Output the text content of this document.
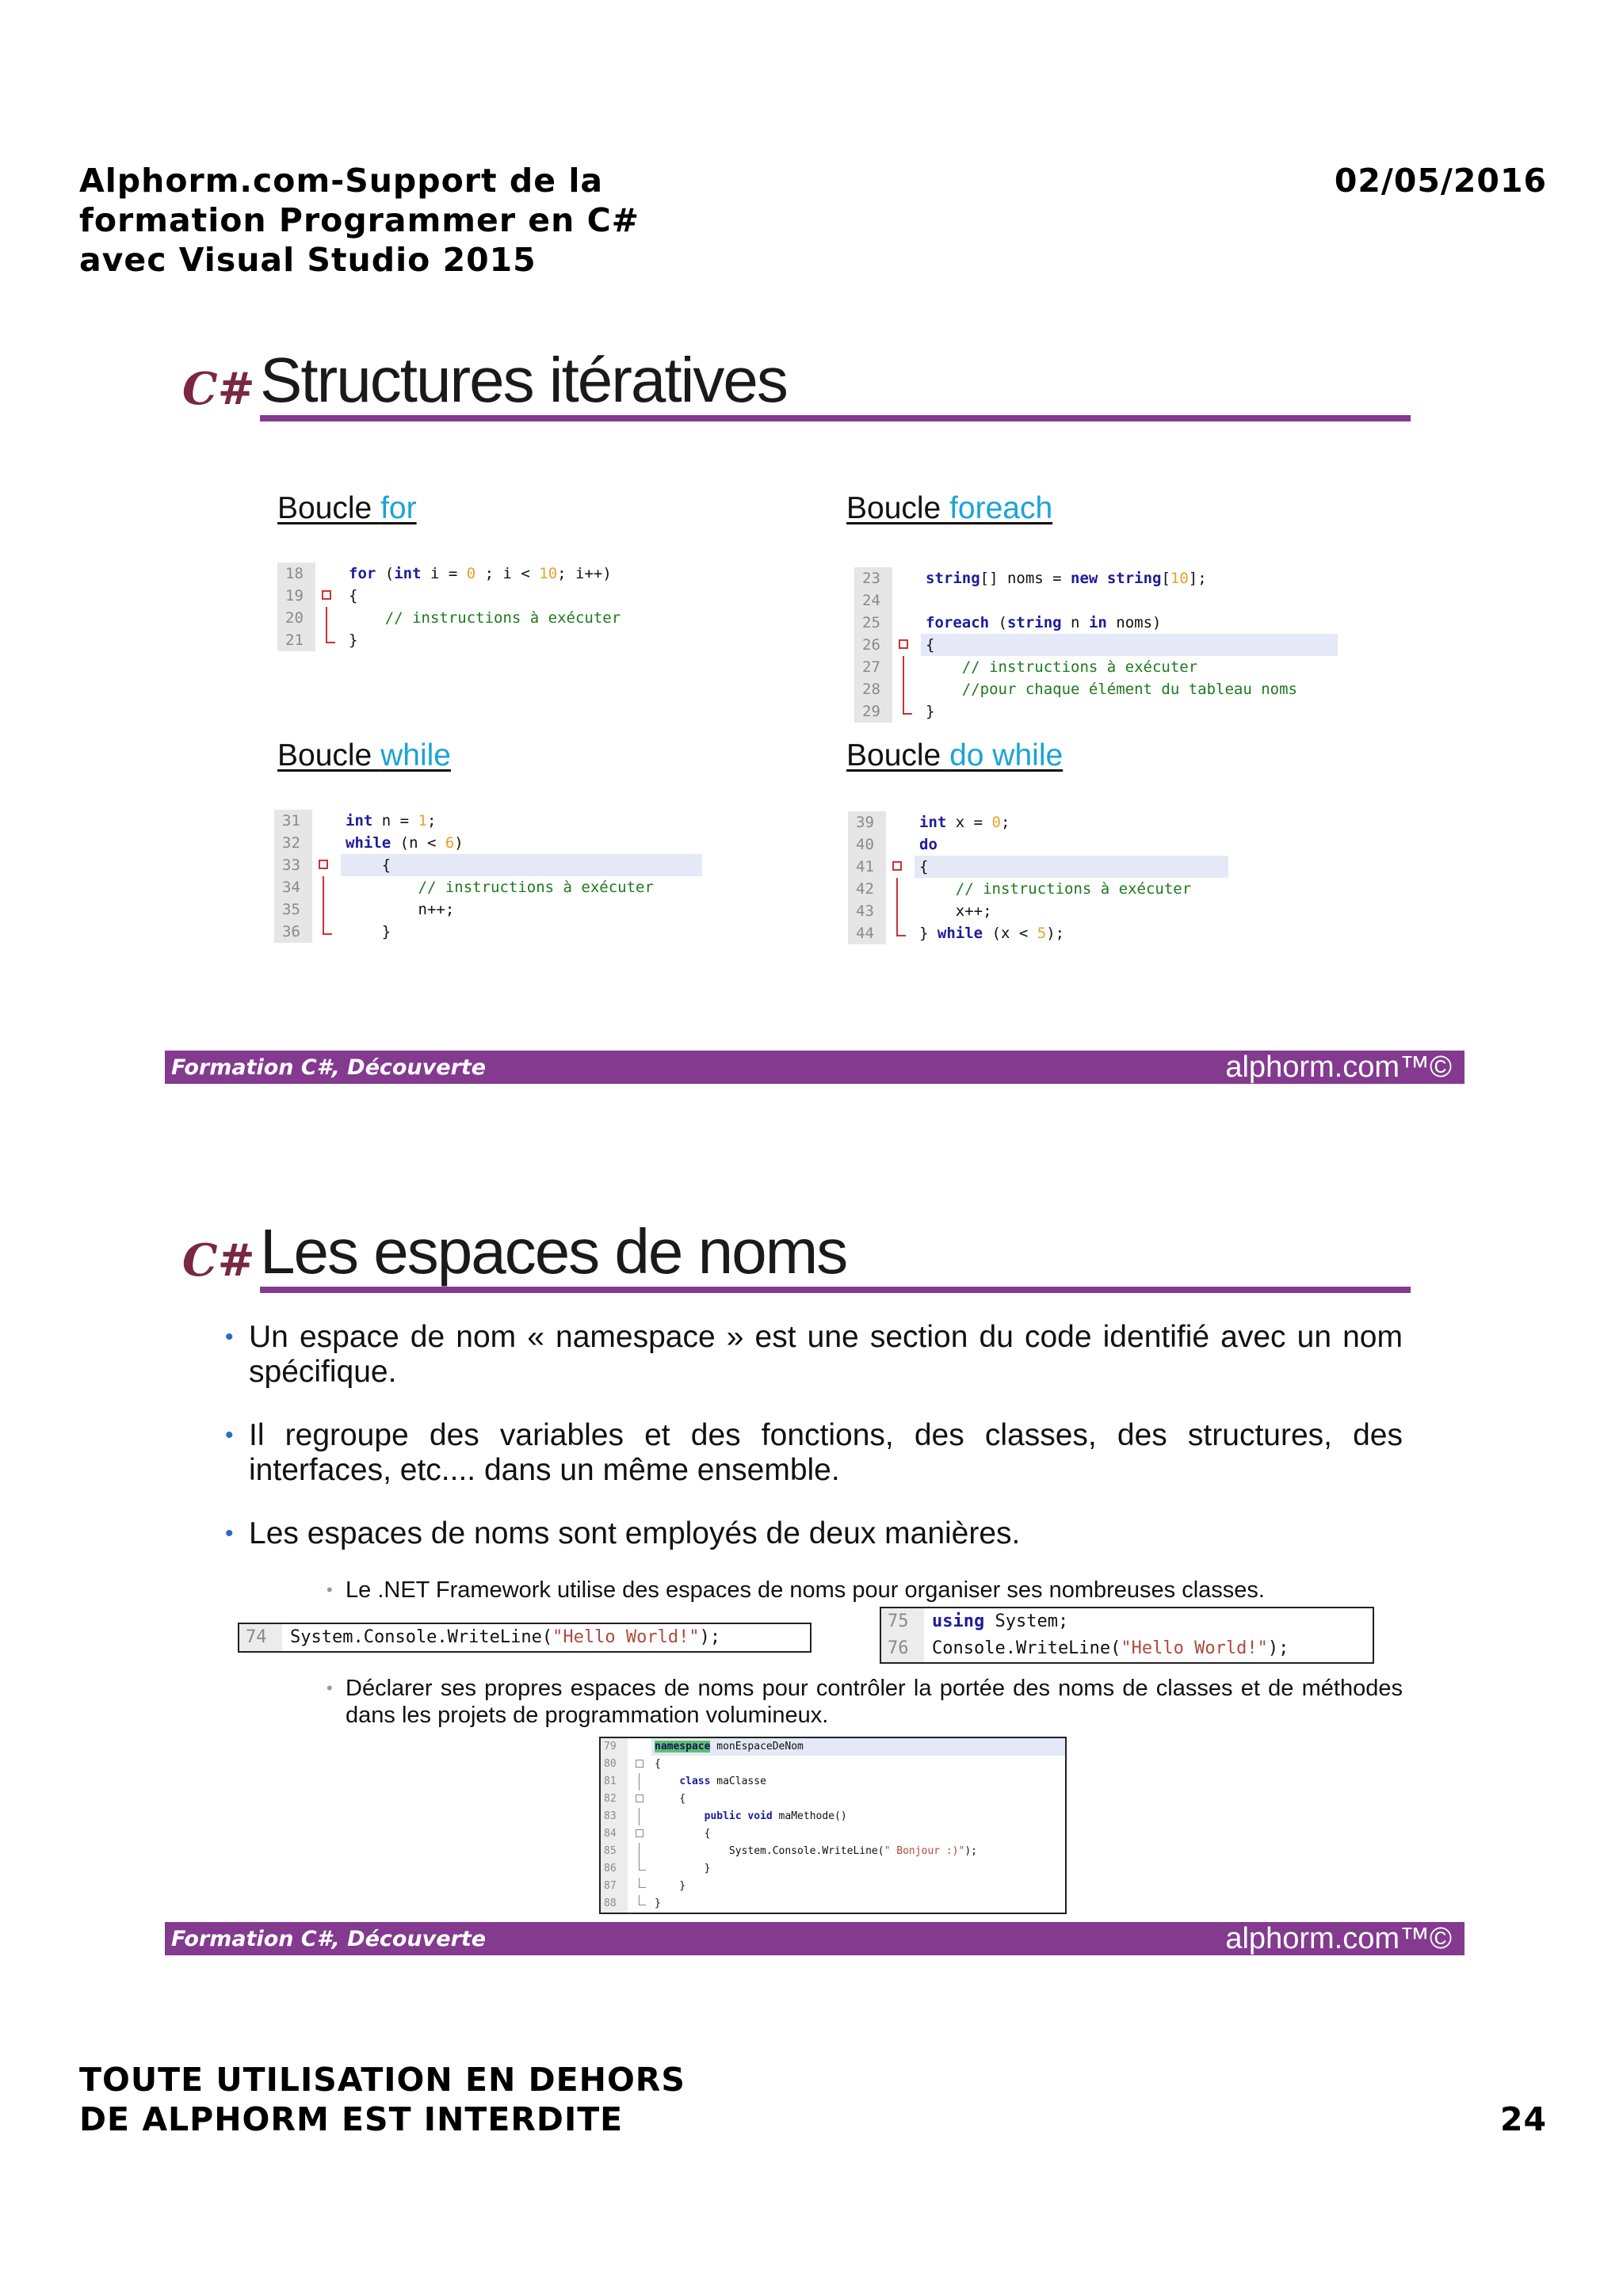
Alphorm.com-Support de la
formation Programmer en C#
avec Visual Studio 2015
02/05/2016
C# Structures itératives
Boucle for	Boucle foreach
Boucle while	Boucle do while
18	for (int i = 0 ; i < 10; i++)
19	{
20	// instructions à exécuter
21	}
23	string[] noms = new string[10];
24
25	foreach (string n in noms)
26	{
27	// instructions à exécuter
28	//pour chaque élément du tableau noms
29	}
31	int n = 1;
32	while (n < 6)
33	{
34	// instructions à exécuter
35	n++;
36	}
39	int x = 0;
40	do
41	{
42	// instructions à exécuter
43	x++;
44	} while (x < 5);
Formation C#, Découverte	alphorm.com™©
C# Les espaces de noms
• Un espace de nom « namespace » est une section du code identifié avec un nom spécifique.
• Il regroupe des variables et des fonctions, des classes, des structures, des interfaces, etc.... dans un même ensemble.
• Les espaces de noms sont employés de deux manières.
• Le .NET Framework utilise des espaces de noms pour organiser ses nombreuses classes.
74	System.Console.WriteLine("Hello World!");
75	using System;
76	Console.WriteLine("Hello World!");
• Déclarer ses propres espaces de noms pour contrôler la portée des noms de classes et de méthodes dans les projets de programmation volumineux.
79	namespace monEspaceDeNom
80	{
81	class maClasse
82	{
83	public void maMethode()
84	{
85	System.Console.WriteLine(" Bonjour :)");
86	}
87	}
88	}
Formation C#, Découverte	alphorm.com™©
TOUTE UTILISATION EN DEHORS
DE ALPHORM EST INTERDITE	24
